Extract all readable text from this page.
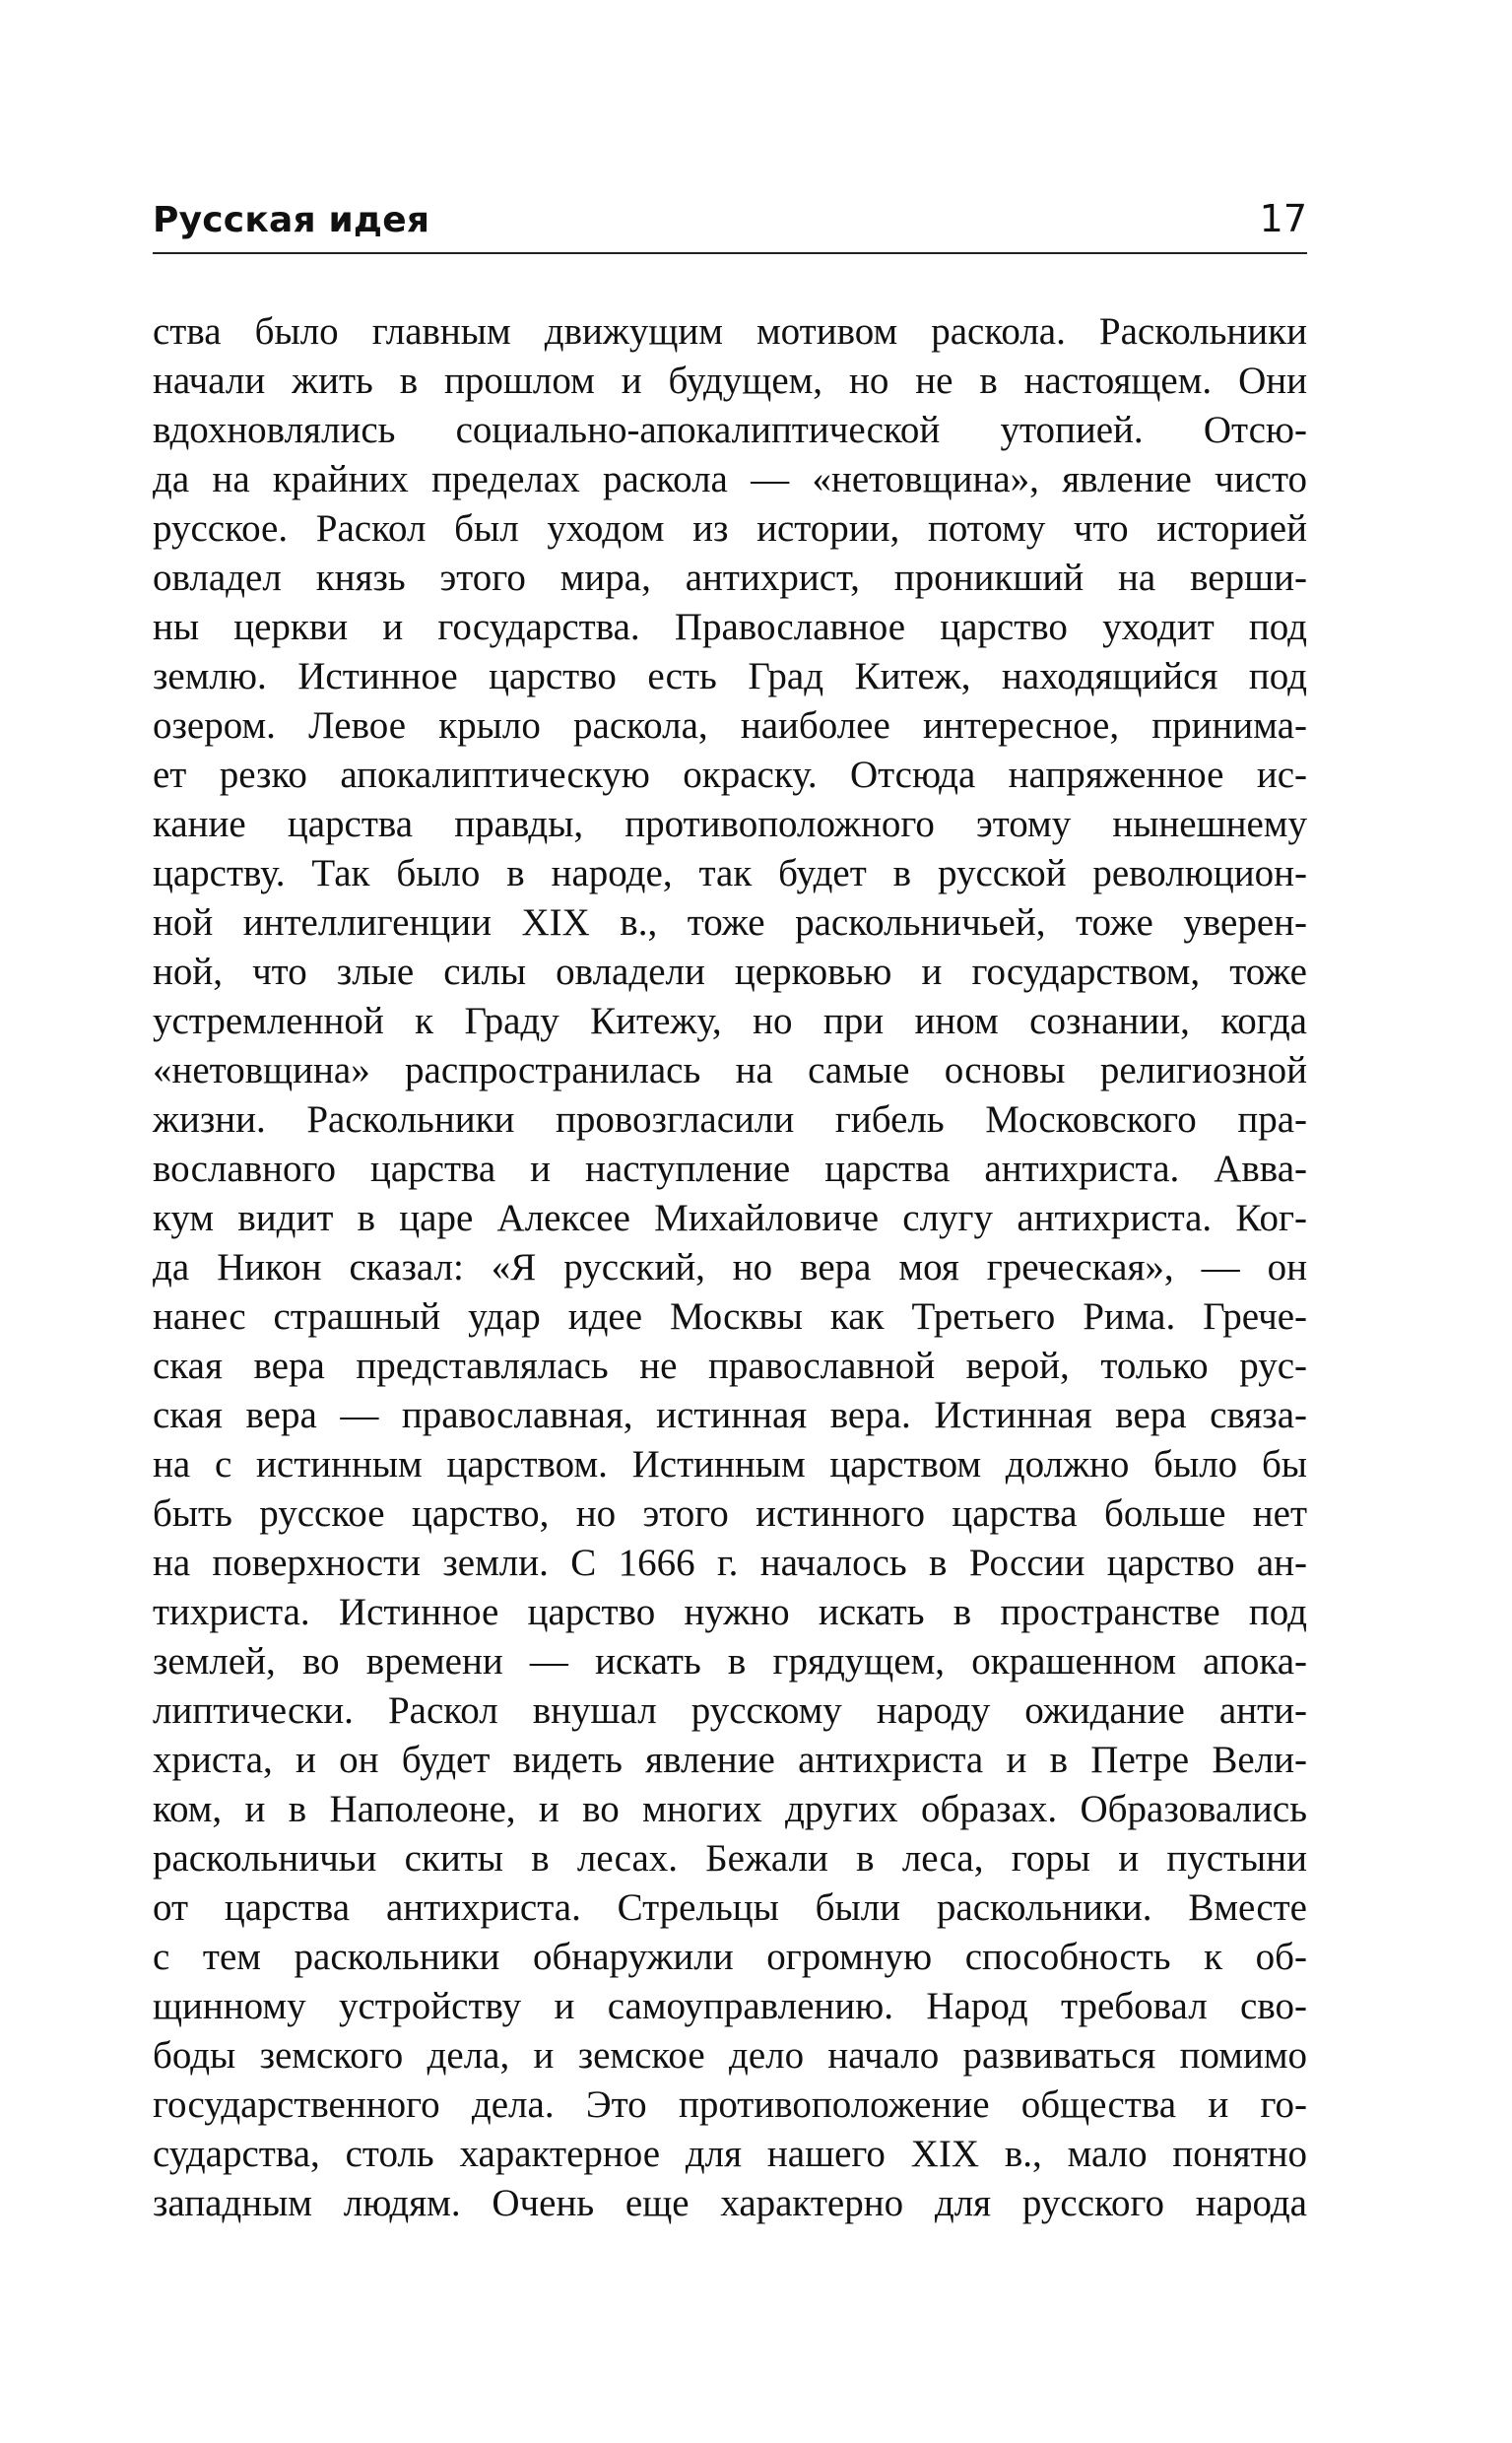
Русская идея	17
ства было главным движущим мотивом раскола. Раскольники
начали жить в прошлом и будущем, но не в настоящем. Они
вдохновлялись социально-апокалиптической утопией. Отсю-
да на крайних пределах раскола — «нетовщина», явление чисто
русское. Раскол был уходом из истории, потому что историей
овладел князь этого мира, антихрист, проникший на верши-
ны церкви и государства. Православное царство уходит под
землю. Истинное царство есть Град Китеж, находящийся под
озером. Левое крыло раскола, наиболее интересное, принима-
ет резко апокалиптическую окраску. Отсюда напряженное ис-
кание царства правды, противоположного этому нынешнему
царству. Так было в народе, так будет в русской революцион-
ной интеллигенции XIX в., тоже раскольничьей, тоже уверен-
ной, что злые силы овладели церковью и государством, тоже
устремленной к Граду Китежу, но при ином сознании, когда
«нетовщина» распространилась на самые основы религиозной
жизни. Раскольники провозгласили гибель Московского пра-
вославного царства и наступление царства антихриста. Авва-
кум видит в царе Алексее Михайловиче слугу антихриста. Ког-
да Никон сказал: «Я русский, но вера моя греческая», — он
нанес страшный удар идее Москвы как Третьего Рима. Грече-
ская вера представлялась не православной верой, только рус-
ская вера — православная, истинная вера. Истинная вера связа-
на с истинным царством. Истинным царством должно было бы
быть русское царство, но этого истинного царства больше нет
на поверхности земли. С 1666 г. началось в России царство ан-
тихриста. Истинное царство нужно искать в пространстве под
землей, во времени — искать в грядущем, окрашенном апока-
липтически. Раскол внушал русскому народу ожидание анти-
христа, и он будет видеть явление антихриста и в Петре Вели-
ком, и в Наполеоне, и во многих других образах. Образовались
раскольничьи скиты в лесах. Бежали в леса, горы и пустыни
от царства антихриста. Стрельцы были раскольники. Вместе
с тем раскольники обнаружили огромную способность к об-
щинному устройству и самоуправлению. Народ требовал сво-
боды земского дела, и земское дело начало развиваться помимо
государственного дела. Это противоположение общества и го-
сударства, столь характерное для нашего XIX в., мало понятно
западным людям. Очень еще характерно для русского народа
